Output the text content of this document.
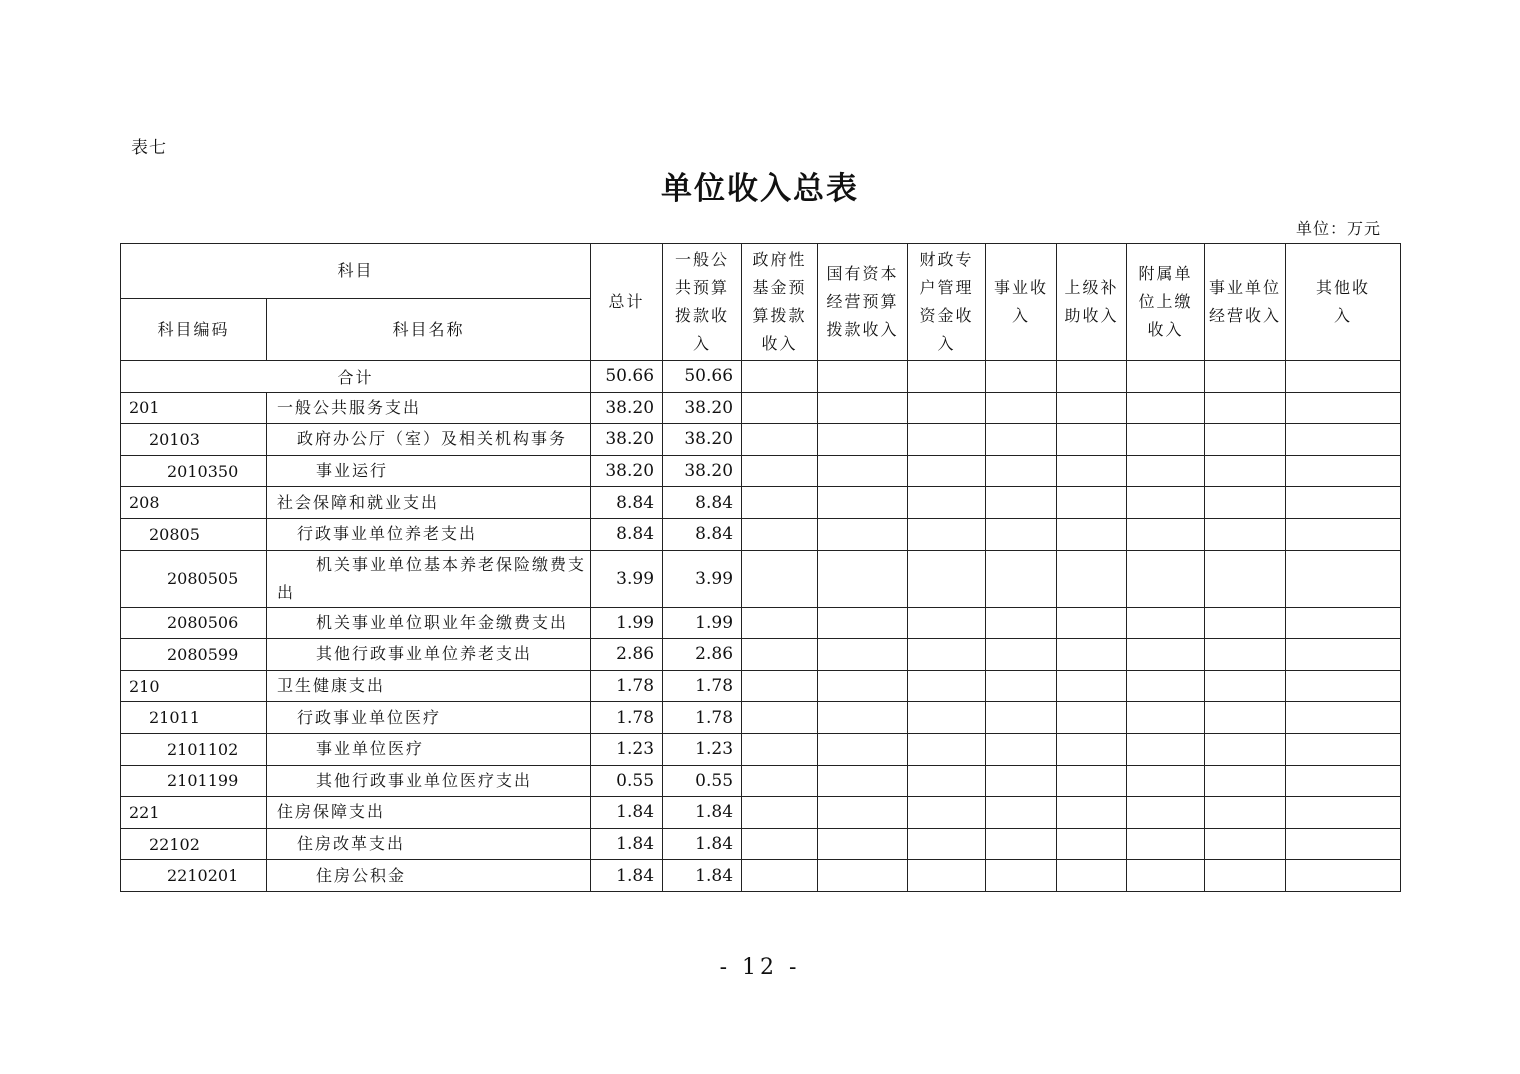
表七
单位收入总表
单位：万元
科目		总计	一般公共预算拨款收入	政府性基金预算拨款收入	国有资本经营预算拨款收入	财政专户管理资金收入	事业收入	上级补助收入	附属单位上缴收入	事业单位经营收入	其他收入
科目编码	科目名称										
合计		50.66	50.66								
201	一般公共服务支出	38.20	38.20								
20103	政府办公厅（室）及相关机构事务	38.20	38.20								
2010350	事业运行	38.20	38.20								
208	社会保障和就业支出	8.84	8.84								
20805	行政事业单位养老支出	8.84	8.84								
2080505	机关事业单位基本养老保险缴费支出	3.99	3.99								
2080506	机关事业单位职业年金缴费支出	1.99	1.99								
2080599	其他行政事业单位养老支出	2.86	2.86								
210	卫生健康支出	1.78	1.78								
21011	行政事业单位医疗	1.78	1.78								
2101102	事业单位医疗	1.23	1.23								
2101199	其他行政事业单位医疗支出	0.55	0.55								
221	住房保障支出	1.84	1.84								
22102	住房改革支出	1.84	1.84								
2210201	住房公积金	1.84	1.84								
- 12 -
